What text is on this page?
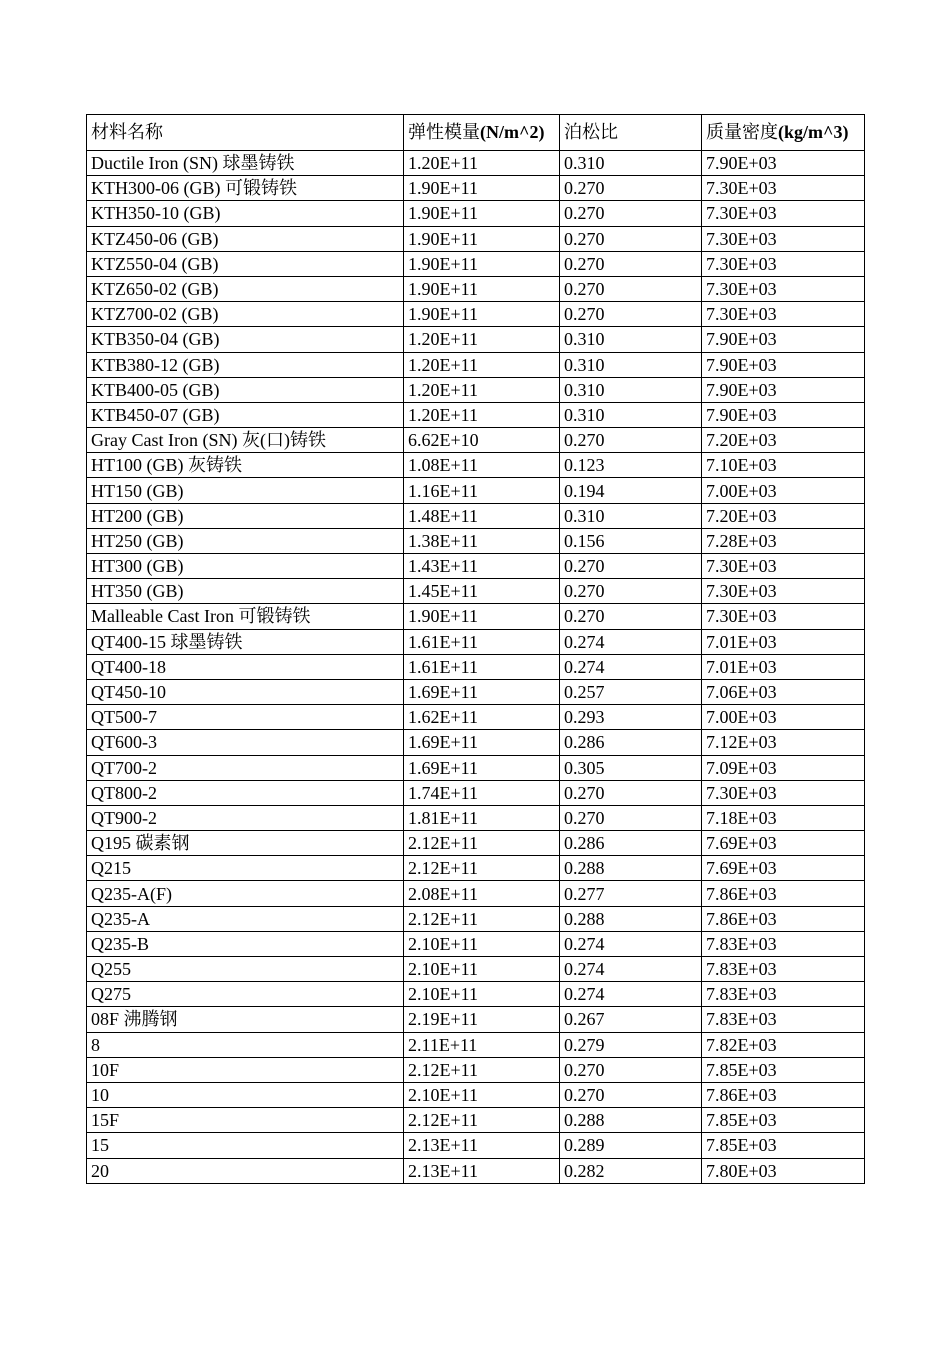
材料名称	弹性模量(N/m^2)	泊松比	质量密度(kg/m^3)
Ductile Iron (SN) 球墨铸铁	1.20E+11	0.310	7.90E+03
KTH300-06 (GB) 可锻铸铁	1.90E+11	0.270	7.30E+03
KTH350-10 (GB)	1.90E+11	0.270	7.30E+03
KTZ450-06 (GB)	1.90E+11	0.270	7.30E+03
KTZ550-04 (GB)	1.90E+11	0.270	7.30E+03
KTZ650-02 (GB)	1.90E+11	0.270	7.30E+03
KTZ700-02 (GB)	1.90E+11	0.270	7.30E+03
KTB350-04 (GB)	1.20E+11	0.310	7.90E+03
KTB380-12 (GB)	1.20E+11	0.310	7.90E+03
KTB400-05 (GB)	1.20E+11	0.310	7.90E+03
KTB450-07 (GB)	1.20E+11	0.310	7.90E+03
Gray Cast Iron (SN) 灰(口)铸铁	6.62E+10	0.270	7.20E+03
HT100 (GB) 灰铸铁	1.08E+11	0.123	7.10E+03
HT150 (GB)	1.16E+11	0.194	7.00E+03
HT200 (GB)	1.48E+11	0.310	7.20E+03
HT250 (GB)	1.38E+11	0.156	7.28E+03
HT300 (GB)	1.43E+11	0.270	7.30E+03
HT350 (GB)	1.45E+11	0.270	7.30E+03
Malleable Cast Iron 可锻铸铁	1.90E+11	0.270	7.30E+03
QT400-15 球墨铸铁	1.61E+11	0.274	7.01E+03
QT400-18	1.61E+11	0.274	7.01E+03
QT450-10	1.69E+11	0.257	7.06E+03
QT500-7	1.62E+11	0.293	7.00E+03
QT600-3	1.69E+11	0.286	7.12E+03
QT700-2	1.69E+11	0.305	7.09E+03
QT800-2	1.74E+11	0.270	7.30E+03
QT900-2	1.81E+11	0.270	7.18E+03
Q195 碳素钢	2.12E+11	0.286	7.69E+03
Q215	2.12E+11	0.288	7.69E+03
Q235-A(F)	2.08E+11	0.277	7.86E+03
Q235-A	2.12E+11	0.288	7.86E+03
Q235-B	2.10E+11	0.274	7.83E+03
Q255	2.10E+11	0.274	7.83E+03
Q275	2.10E+11	0.274	7.83E+03
08F 沸腾钢	2.19E+11	0.267	7.83E+03
8	2.11E+11	0.279	7.82E+03
10F	2.12E+11	0.270	7.85E+03
10	2.10E+11	0.270	7.86E+03
15F	2.12E+11	0.288	7.85E+03
15	2.13E+11	0.289	7.85E+03
20	2.13E+11	0.282	7.80E+03
